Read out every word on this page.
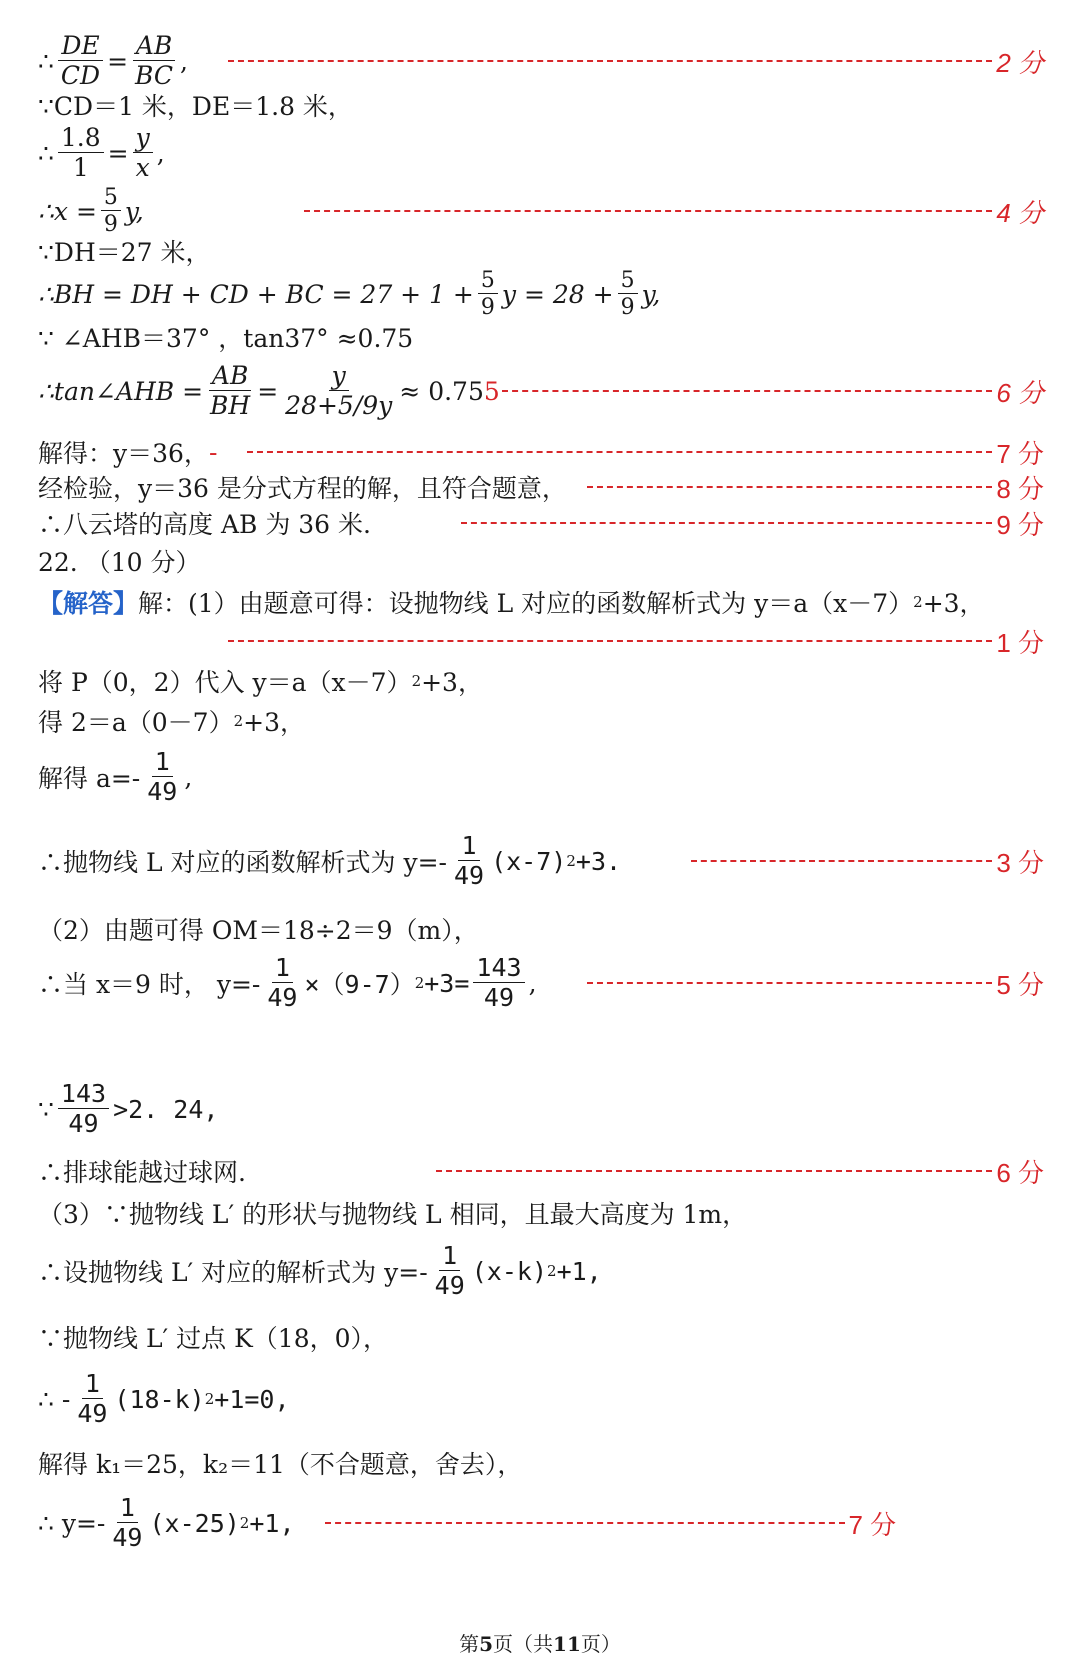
∴ $\frac{DE}{CD} = \frac{AB}{BC}$ ,	2 分
∵CD＝1 米，DE＝1.8 米，
∴ $\frac{1.8}{1} = \frac{y}{x}$ ,
∴x = $\frac{5}{9} y$,	4 分
∵DH＝27 米，
∴BH = DH + CD + BC = $27 + 1 + \frac{5}{9}$ $y = 28 + \frac{5}{9} y$,
∵ ∠AHB＝37° ，tan37° ≈0.75
∴tan∠AHB = $\frac{AB}{BH} = \frac{y}{28+5/9y} \approx 0.75$ 5	6 分
解得：y＝36， -	7 分
经检验，y＝36 是分式方程的解，且符合题意，	8 分
∴八云塔的高度 AB 为 36 米.	9 分
22. （10 分）
【解答】 解：(1）由题意可得：设抛物线 L 对应的函数解析式为 y＝a（x－7） 2 +3，
1 分
将 P（0，2）代入 y＝a（x－7） 2 +3，
得 2＝a（0－7） 2 +3，
解得 $a=- \frac{1}{49}$ ,
∴抛物线 L 对应的函数解析式为 $y=- \frac{1}{49} (x-7)$ 2 +3.	3 分
（2）由题可得 OM＝18÷2＝9（m），
∴当 x＝9 时， $y=- \frac{1}{49} \times(9-7)$ $2 +3= \frac{143}{49}$ ,	5 分
∵ $\frac{143}{49} >2$. 24,
∴排球能越过球网.	6 分
（3）∵抛物线 L′ 的形状与抛物线 L 相同，且最大高度为 1m，
∴设抛物线 L′ 对应的解析式为 $y=- \frac{1}{49} (x-k)$ 2 +1,
∵抛物线 L′ 过点 K（18，0），
∴ - $\frac{1}{49} (18-k)$ 2 +1=0,
解得 k₁＝25，k₂＝11（不合题意，舍去），
∴ $y=- \frac{1}{49} (x-25)$ 2 +1,	7 分
第5页（共11页）
